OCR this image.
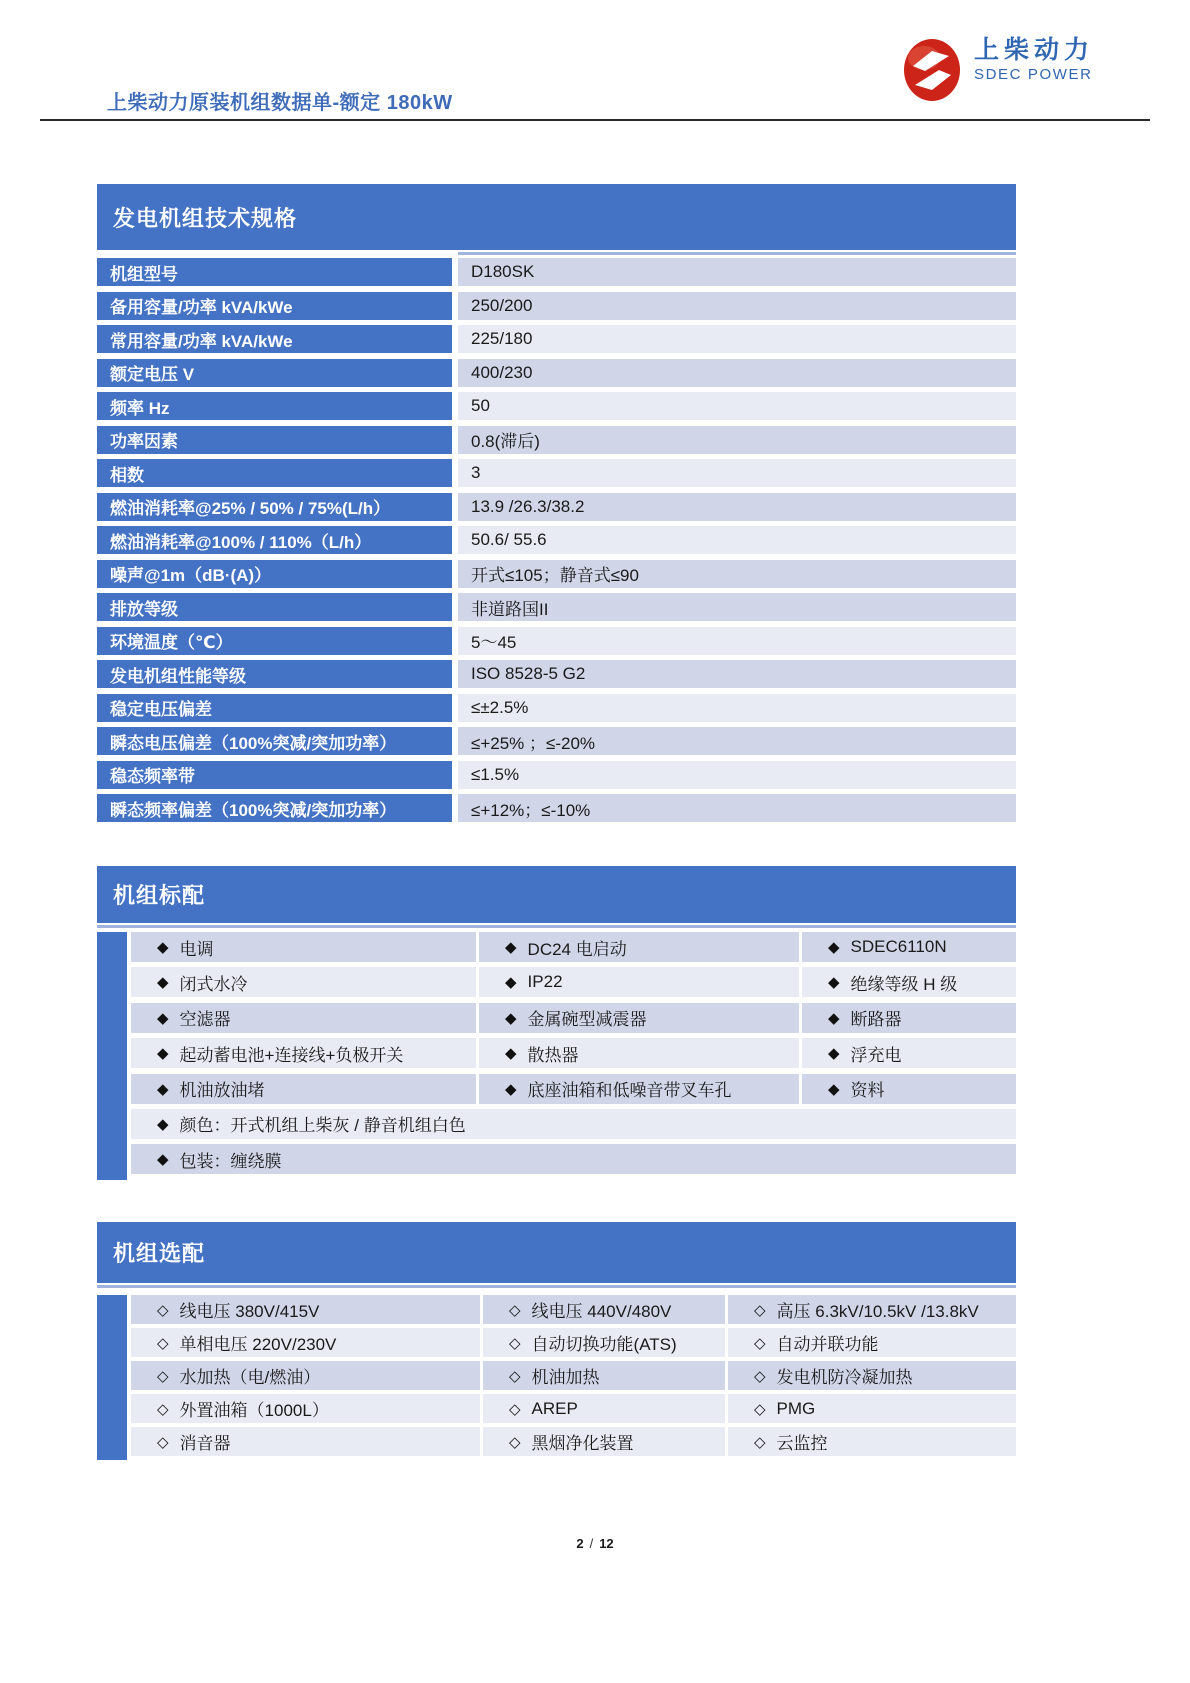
上柴动力原装机组数据单-额定 180kW
上柴动力
SDEC POWER
发电机组技术规格
机组型号	D180SK
备用容量/功率 kVA/kWe	250/200
常用容量/功率 kVA/kWe	225/180
额定电压 V	400/230
频率 Hz	50
功率因素	0.8(滞后)
相数	3
燃油消耗率@25% / 50% / 75%(L/h）	13.9 /26.3/38.2
燃油消耗率@100% / 110%（L/h）	50.6/ 55.6
噪声@1m（dB·(A)）	开式≤105；静音式≤90
排放等级	非道路国II
环境温度（℃）	5～45
发电机组性能等级	ISO 8528-5 G2
稳定电压偏差	≤±2.5%
瞬态电压偏差（100%突减/突加功率）	≤+25% ；≤-20%
稳态频率带	≤1.5%
瞬态频率偏差（100%突减/突加功率）	≤+12%；≤-10%
机组标配
◆ 电调	◆ DC24 电启动	◆ SDEC6110N
◆ 闭式水冷	◆ IP22	◆ 绝缘等级 H 级
◆ 空滤器	◆ 金属碗型减震器	◆ 断路器
◆ 起动蓄电池+连接线+负极开关	◆ 散热器	◆ 浮充电
◆ 机油放油堵	◆ 底座油箱和低噪音带叉车孔	◆ 资料
◆ 颜色：开式机组上柴灰 / 静音机组白色
◆ 包装：缠绕膜
机组选配
◇ 线电压 380V/415V	◇ 线电压 440V/480V	◇ 高压 6.3kV/10.5kV /13.8kV
◇ 单相电压 220V/230V	◇ 自动切换功能(ATS)	◇ 自动并联功能
◇ 水加热（电/燃油）	◇ 机油加热	◇ 发电机防冷凝加热
◇ 外置油箱（1000L）	◇ AREP	◇ PMG
◇ 消音器	◇ 黑烟净化装置	◇ 云监控
2 / 12
